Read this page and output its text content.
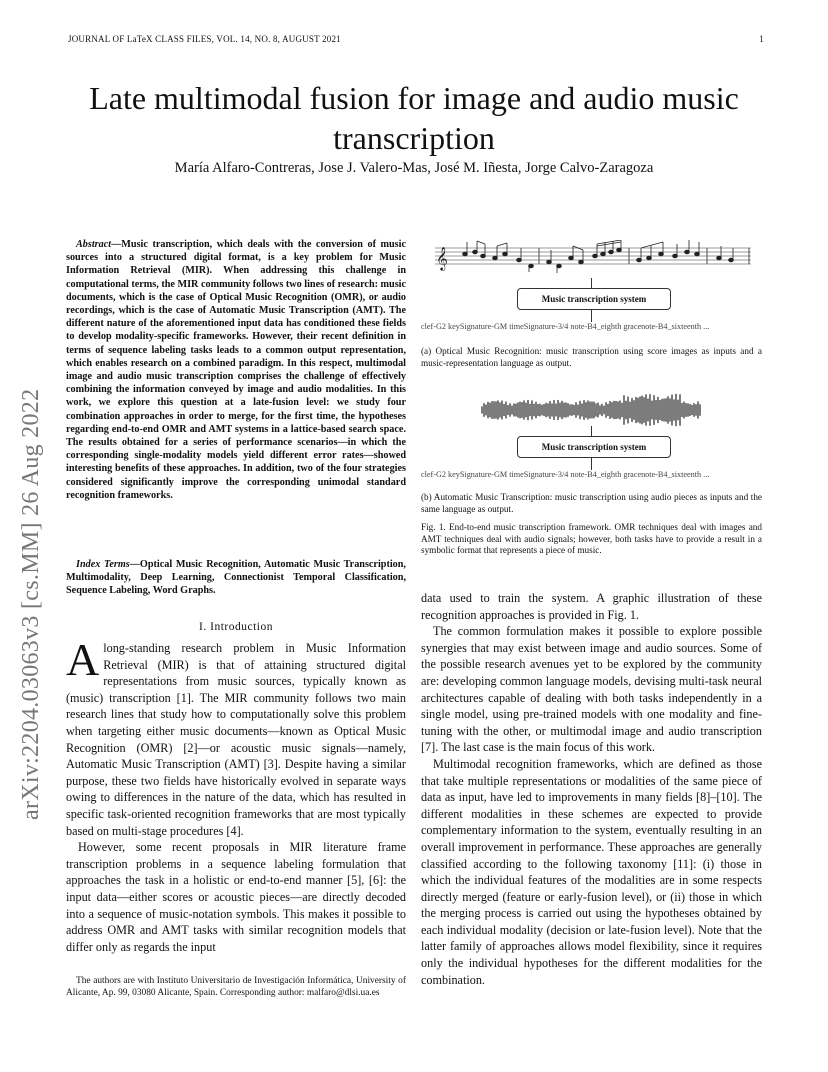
JOURNAL OF LaTeX CLASS FILES, VOL. 14, NO. 8, AUGUST 2021	1
Late multimodal fusion for image and audio music transcription
María Alfaro-Contreras, Jose J. Valero-Mas, José M. Iñesta, Jorge Calvo-Zaragoza
arXiv:2204.03063v3 [cs.MM] 26 Aug 2022
Abstract—Music transcription, which deals with the conversion of music sources into a structured digital format, is a key problem for Music Information Retrieval (MIR). When addressing this challenge in computational terms, the MIR community follows two lines of research: music documents, which is the case of Optical Music Recognition (OMR), or audio recordings, which is the case of Automatic Music Transcription (AMT). The different nature of the aforementioned input data has conditioned these fields to develop modality-specific frameworks. However, their recent definition in terms of sequence labeling tasks leads to a common output representation, which enables research on a combined paradigm. In this respect, multimodal image and audio music transcription comprises the challenge of effectively combining the information conveyed by image and audio modalities. In this work, we explore this question at a late-fusion level: we study four combination approaches in order to merge, for the first time, the hypotheses regarding end-to-end OMR and AMT systems in a lattice-based search space. The results obtained for a series of performance scenarios—in which the corresponding single-modality models yield different error rates—showed interesting benefits of these approaches. In addition, two of the four strategies considered significantly improve the corresponding unimodal standard recognition frameworks.
Index Terms—Optical Music Recognition, Automatic Music Transcription, Multimodality, Deep Learning, Connectionist Temporal Classification, Sequence Labeling, Word Graphs.
I. Introduction

Along-standing research problem in Music Information Retrieval (MIR) is that of attaining structured digital representations from music sources, typically known as (music) transcription [1]. The MIR community follows two main research lines that study how to computationally solve this problem when targeting either music documents—known as Optical Music Recognition (OMR) [2]—or acoustic music signals—namely, Automatic Music Transcription (AMT) [3]. Despite having a similar purpose, these two fields have historically evolved in separate ways owing to differences in the nature of the data, which has resulted in specific task-oriented recognition frameworks that are most typically based on multi-stage procedures [4].

However, some recent proposals in MIR literature frame transcription problems in a sequence labeling formulation that approaches the task in a holistic or end-to-end manner [5], [6]: the input data—either scores or acoustic pieces—are directly decoded into a sequence of music-notation symbols. This makes it possible to address OMR and AMT tasks with similar recognition models that differ only as regards the input

The authors are with Instituto Universitario de Investigación Informática, University of Alicante, Ap. 99, 03080 Alicante, Spain. Corresponding author: malfaro@dlsi.ua.es

𝄞
Music transcription system
clef-G2 keySignature-GM timeSignature-3/4 note-B4_eighth gracenote-B4_sixteenth ...
(a) Optical Music Recognition: music transcription using score images as inputs and a music-representation language as output.
Music transcription system
clef-G2 keySignature-GM timeSignature-3/4 note-B4_eighth gracenote-B4_sixteenth ...
(b) Automatic Music Transcription: music transcription using audio pieces as inputs and the same language as output.
Fig. 1. End-to-end music transcription framework. OMR techniques deal with images and AMT techniques deal with audio signals; however, both tasks have to provide a result in a symbolic format that represents a piece of music.

data used to train the system. A graphic illustration of these recognition approaches is provided in Fig. 1.

The common formulation makes it possible to explore possible synergies that may exist between image and audio sources. Some of the possible research avenues yet to be explored by the community are: developing common language models, devising multi-task neural architectures capable of dealing with both tasks independently in a single model, using pre-trained models with one modality and fine-tuning with the other, or multimodal image and audio transcription [7]. The last case is the main focus of this work.

Multimodal recognition frameworks, which are defined as those that take multiple representations or modalities of the same piece of data as input, have led to improvements in many fields [8]–[10]. The different modalities in these schemes are expected to provide complementary information to the system, eventually resulting in an overall improvement in performance. These approaches are generally classified according to the following taxonomy [11]: (i) those in which the individual features of the modalities are in some respects directly merged (feature or early-fusion level), or (ii) those in which the merging process is carried out using the hypotheses obtained by each individual modality (decision or late-fusion level). Note that the latter family of approaches allows model flexibility, since it requires only the individual hypotheses for the different modalities for the combination.
